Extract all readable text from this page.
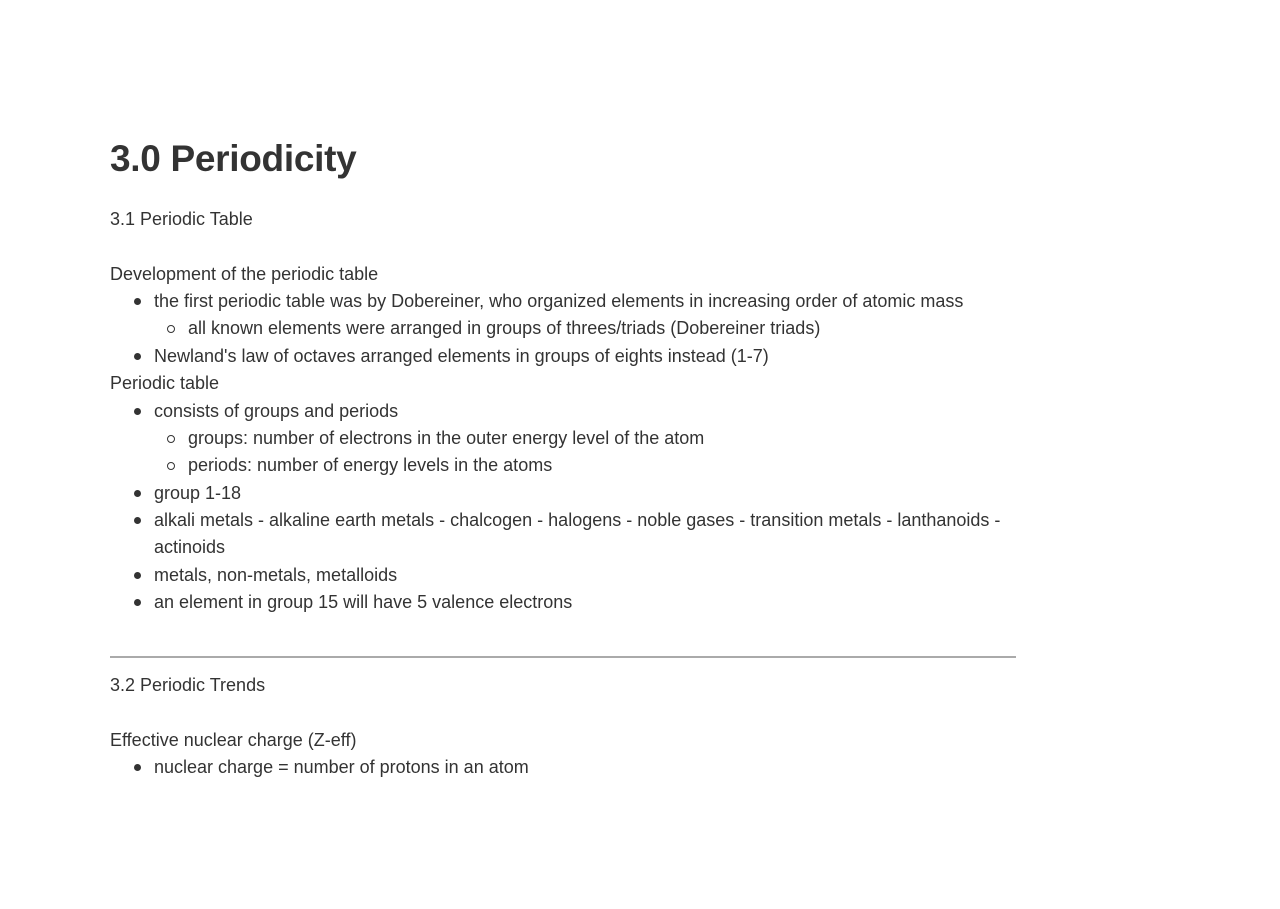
3.0 Periodicity
3.1 Periodic Table
Development of the periodic table
the first periodic table was by Dobereiner, who organized elements in increasing order of atomic mass
all known elements were arranged in groups of threes/triads (Dobereiner triads)
Newland's law of octaves arranged elements in groups of eights instead (1-7)
Periodic table
consists of groups and periods
groups: number of electrons in the outer energy level of the atom
periods: number of energy levels in the atoms
group 1-18
alkali metals - alkaline earth metals - chalcogen - halogens - noble gases - transition metals - lanthanoids - actinoids
metals, non-metals, metalloids
an element in group 15 will have 5 valence electrons
3.2 Periodic Trends
Effective nuclear charge (Z-eff)
nuclear charge = number of protons in an atom
